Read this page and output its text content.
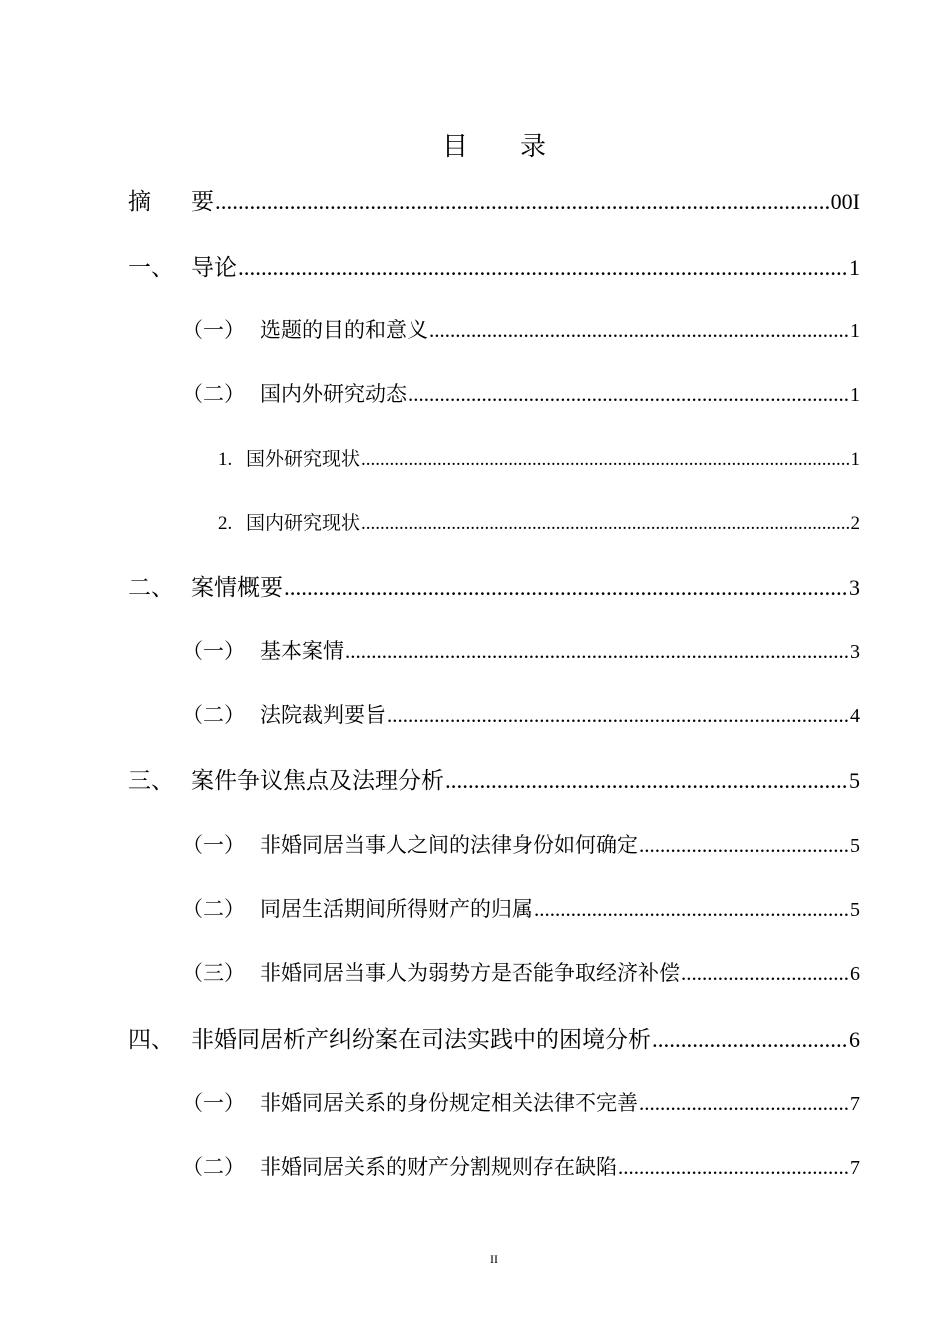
目 录
摘	要 .....	00I
一、 导论 .....	1
（一） 选题的目的和意义 .....	1
（二） 国内外研究动态 .....	1
1. 国外研究现状 .....	1
2. 国内研究现状 .....	2
二、 案情概要 .....	3
（一） 基本案情 .....	3
（二） 法院裁判要旨 .....	4
三、 案件争议焦点及法理分析 .....	5
（一） 非婚同居当事人之间的法律身份如何确定 .....	5
（二） 同居生活期间所得财产的归属 .....	5
（三） 非婚同居当事人为弱势方是否能争取经济补偿 .....	6
四、 非婚同居析产纠纷案在司法实践中的困境分析 .....	6
（一） 非婚同居关系的身份规定相关法律不完善 .....	7
（二） 非婚同居关系的财产分割规则存在缺陷 .....	7
II
